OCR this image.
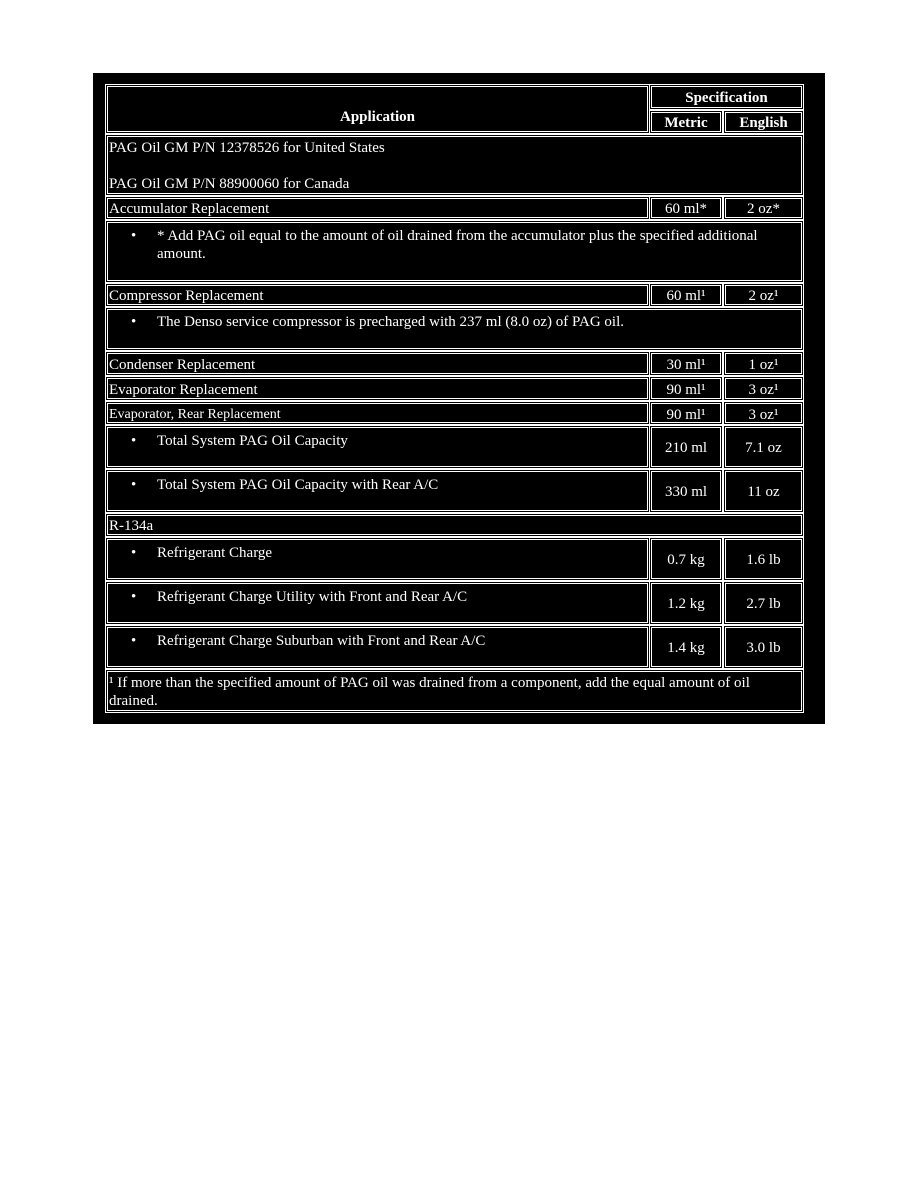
Application
Specification
Metric English
PAG Oil GM P/N 12378526 for United States
PAG Oil GM P/N 88900060 for Canada
Accumulator Replacement	60 ml*	2 oz*
• * Add PAG oil equal to the amount of oil drained from the accumulator plus the specified additional amount.
Compressor Replacement	60 ml¹	2 oz¹
• The Denso service compressor is precharged with 237 ml (8.0 oz) of PAG oil.
Condenser Replacement	30 ml¹	1 oz¹
Evaporator Replacement	90 ml¹	3 oz¹
Evaporator, Rear Replacement	90 ml¹	3 oz¹
• Total System PAG Oil Capacity	210 ml	7.1 oz
• Total System PAG Oil Capacity with Rear A/C	330 ml	11 oz
R-134a
• Refrigerant Charge	0.7 kg	1.6 lb
• Refrigerant Charge Utility with Front and Rear A/C	1.2 kg	2.7 lb
• Refrigerant Charge Suburban with Front and Rear A/C	1.4 kg	3.0 lb
¹ If more than the specified amount of PAG oil was drained from a component, add the equal amount of oil drained.
